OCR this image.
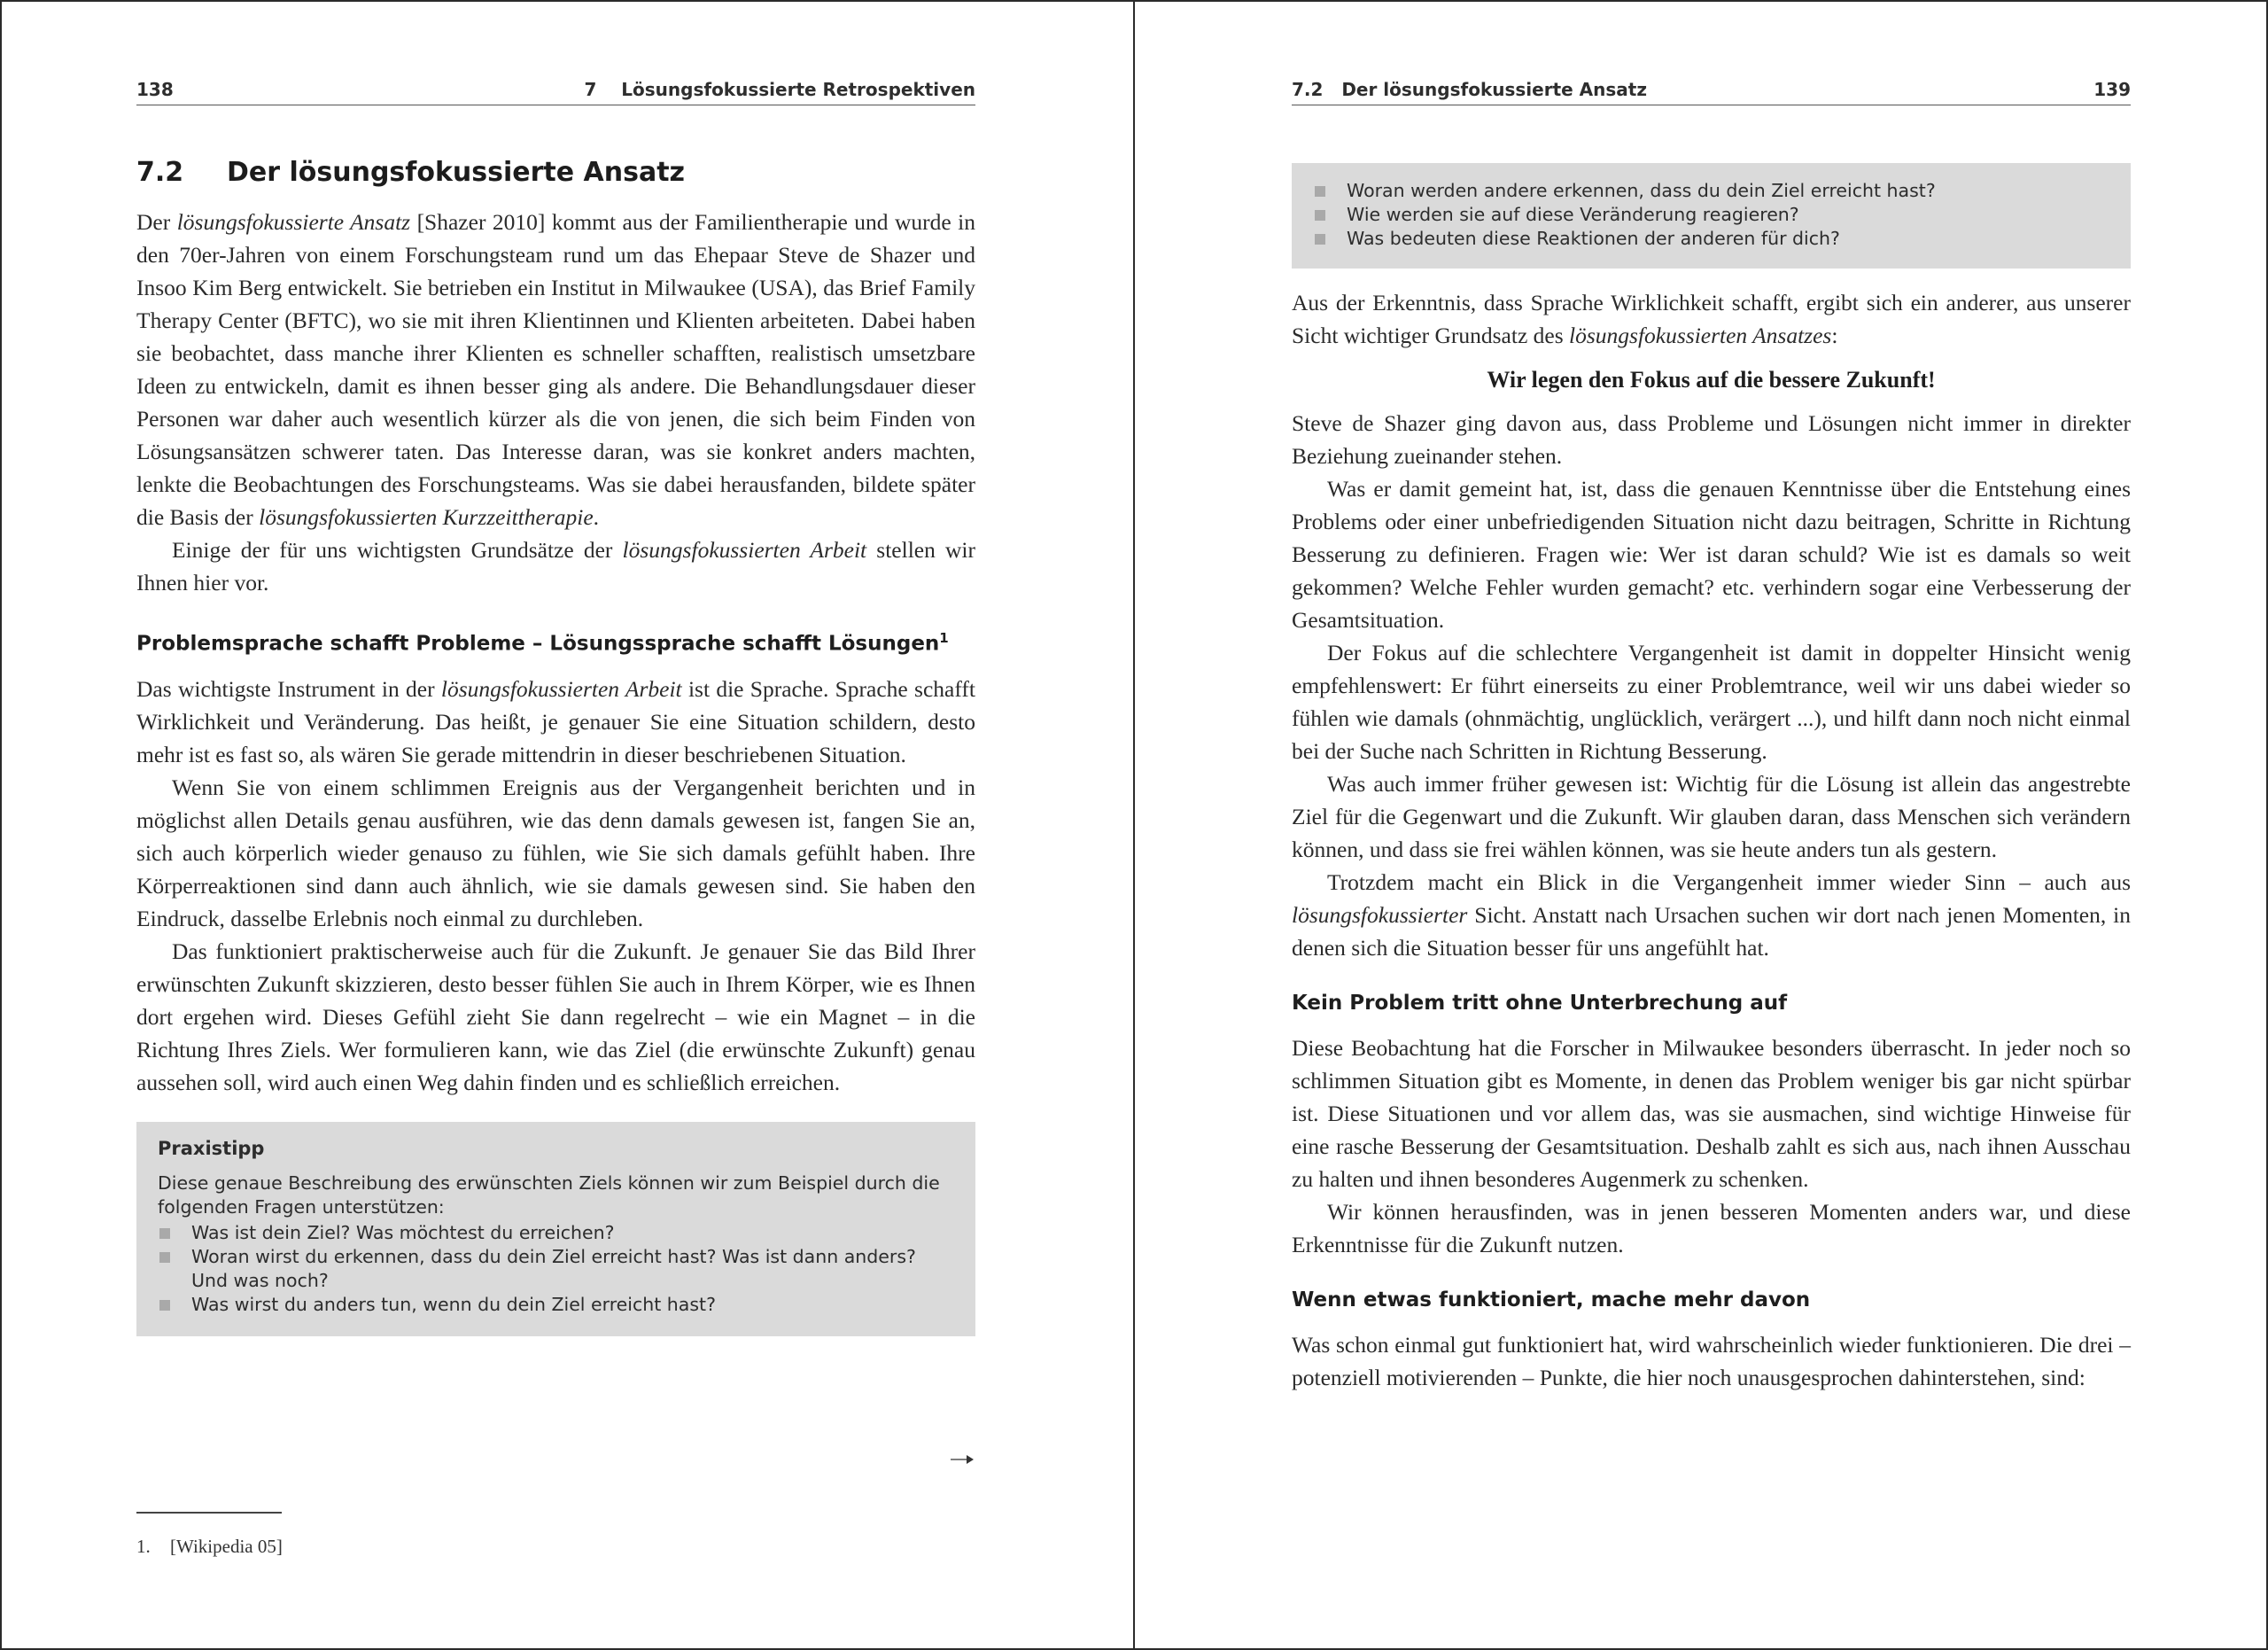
138	7    Lösungsfokussierte Retrospektiven
7.2 Der lösungsfokussierte Ansatz

Der lösungsfokussierte Ansatz [Shazer 2010] kommt aus der Familientherapie und wurde in den 70er-Jahren von einem Forschungsteam rund um das Ehepaar Steve de Shazer und Insoo Kim Berg entwickelt. Sie betrieben ein Institut in Milwaukee (USA), das Brief Family Therapy Center (BFTC), wo sie mit ihren Klientinnen und Klienten arbeiteten. Dabei haben sie beobachtet, dass manche ihrer Klienten es schneller schafften, realistisch umsetzbare Ideen zu entwickeln, damit es ihnen besser ging als andere. Die Behandlungsdauer dieser Personen war daher auch wesentlich kürzer als die von jenen, die sich beim Finden von Lösungsansätzen schwerer taten. Das Interesse daran, was sie konkret anders machten, lenkte die Beobachtungen des Forschungsteams. Was sie dabei herausfanden, bildete später die Basis der lösungsfokussierten Kurzzeittherapie.

Einige der für uns wichtigsten Grundsätze der lösungsfokussierten Arbeit stellen wir Ihnen hier vor.

Problemsprache schafft Probleme – Lösungssprache schafft Lösungen$^1$

Das wichtigste Instrument in der lösungsfokussierten Arbeit ist die Sprache. Sprache schafft Wirklichkeit und Veränderung. Das heißt, je genauer Sie eine Situation schildern, desto mehr ist es fast so, als wären Sie gerade mittendrin in dieser beschriebenen Situation.

Wenn Sie von einem schlimmen Ereignis aus der Vergangenheit berichten und in möglichst allen Details genau ausführen, wie das denn damals gewesen ist, fangen Sie an, sich auch körperlich wieder genauso zu fühlen, wie Sie sich damals gefühlt haben. Ihre Körperreaktionen sind dann auch ähnlich, wie sie damals gewesen sind. Sie haben den Eindruck, dasselbe Erlebnis noch einmal zu durchleben.

Das funktioniert praktischerweise auch für die Zukunft. Je genauer Sie das Bild Ihrer erwünschten Zukunft skizzieren, desto besser fühlen Sie auch in Ihrem Körper, wie es Ihnen dort ergehen wird. Dieses Gefühl zieht Sie dann regelrecht – wie ein Magnet – in die Richtung Ihres Ziels. Wer formulieren kann, wie das Ziel (die erwünschte Zukunft) genau aussehen soll, wird auch einen Weg dahin finden und es schließlich erreichen.

Praxistipp
Diese genaue Beschreibung des erwünschten Ziels können wir zum Beispiel durch die folgenden Fragen unterstützen:
Was ist dein Ziel? Was möchtest du erreichen?
Woran wirst du erkennen, dass du dein Ziel erreicht hast? Was ist dann anders? Und was noch?
Was wirst du anders tun, wenn du dein Ziel erreicht hast?
1. [Wikipedia 05]
7.2   Der lösungsfokussierte Ansatz	139
Woran werden andere erkennen, dass du dein Ziel erreicht hast?
Wie werden sie auf diese Veränderung reagieren?
Was bedeuten diese Reaktionen der anderen für dich?

Aus der Erkenntnis, dass Sprache Wirklichkeit schafft, ergibt sich ein anderer, aus unserer Sicht wichtiger Grundsatz des lösungsfokussierten Ansatzes:

Wir legen den Fokus auf die bessere Zukunft!

Steve de Shazer ging davon aus, dass Probleme und Lösungen nicht immer in direkter Beziehung zueinander stehen.

Was er damit gemeint hat, ist, dass die genauen Kenntnisse über die Entstehung eines Problems oder einer unbefriedigenden Situation nicht dazu beitragen, Schritte in Richtung Besserung zu definieren. Fragen wie: Wer ist daran schuld? Wie ist es damals so weit gekommen? Welche Fehler wurden gemacht? etc. verhindern sogar eine Verbesserung der Gesamtsituation.

Der Fokus auf die schlechtere Vergangenheit ist damit in doppelter Hinsicht wenig empfehlenswert: Er führt einerseits zu einer Problemtrance, weil wir uns dabei wieder so fühlen wie damals (ohnmächtig, unglücklich, verärgert ...), und hilft dann noch nicht einmal bei der Suche nach Schritten in Richtung Besserung.

Was auch immer früher gewesen ist: Wichtig für die Lösung ist allein das angestrebte Ziel für die Gegenwart und die Zukunft. Wir glauben daran, dass Menschen sich verändern können, und dass sie frei wählen können, was sie heute anders tun als gestern.

Trotzdem macht ein Blick in die Vergangenheit immer wieder Sinn – auch aus lösungsfokussierter Sicht. Anstatt nach Ursachen suchen wir dort nach jenen Momenten, in denen sich die Situation besser für uns angefühlt hat.

Kein Problem tritt ohne Unterbrechung auf

Diese Beobachtung hat die Forscher in Milwaukee besonders überrascht. In jeder noch so schlimmen Situation gibt es Momente, in denen das Problem weniger bis gar nicht spürbar ist. Diese Situationen und vor allem das, was sie ausmachen, sind wichtige Hinweise für eine rasche Besserung der Gesamtsituation. Deshalb zahlt es sich aus, nach ihnen Ausschau zu halten und ihnen besonderes Augenmerk zu schenken.

Wir können herausfinden, was in jenen besseren Momenten anders war, und diese Erkenntnisse für die Zukunft nutzen.

Wenn etwas funktioniert, mache mehr davon

Was schon einmal gut funktioniert hat, wird wahrscheinlich wieder funktionieren. Die drei – potenziell motivierenden – Punkte, die hier noch unausgesprochen dahinterstehen, sind:
